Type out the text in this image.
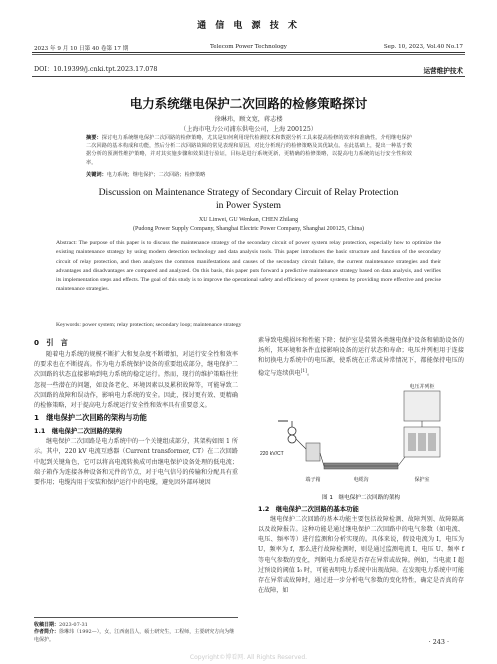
通 信 电 源 技 术
2023 年 9 月 10 日第 40 卷第 17 期	Telecom Power Technology	Sep. 10, 2023, Vol.40 No.17
DOI：10.19399/j.cnki.tpt.2023.17.078	运营维护技术
电力系统继电保护二次回路的检修策略探讨
徐琳玮，顾文宽，蒋志楼
（上海市电力公司浦东供电公司，上海 200125）
摘要：探讨电力系统继电保护二次回路的检修策略，尤其是如何利用现代检测技术和数据分析工具来提高检修的效率和准确性。介绍继电保护二次回路的基本构成和功能，然后分析二次回路故障的常见表现和原因，对比分析现行的检修策略及其优缺点。在此基础上，提出一种基于数据分析的预测性维护策略，并对其实施步骤和效果进行验证，目标是进行系统更新，更精确的检修策略，以提高电力系统的运行安全性和效率。
关键词：电力系统；继电保护；二次回路；检修策略
Discussion on Maintenance Strategy of Secondary Circuit of Relay Protection
in Power System
XU Linwei, GU Wenkan, CHEN Zhilang
(Pudong Power Supply Company, Shanghai Electric Power Company, Shanghai 200125, China)
Abstract: The purpose of this paper is to discuss the maintenance strategy of the secondary circuit of power system relay protection, especially how to optimize the existing maintenance strategy by using modern detection technology and data analysis tools. This paper introduces the basic structure and function of the secondary circuit of relay protection, and then analyzes the common manifestations and causes of the secondary circuit failure, the current maintenance strategies and their advantages and disadvantages are compared and analyzed. On this basis, this paper puts forward a predictive maintenance strategy based on data analysis, and verifies its implementation steps and effects. The goal of this study is to improve the operational safety and efficiency of power systems by providing more effective and precise maintenance strategies.
Keywords: power system; relay protection; secondary loop; maintenance strategy
0　引　言
随着电力系统的规模不断扩大和复杂度不断增加，对运行安全性和效率的要求也在不断提高。作为电力系统保护设备的重要组成部分，继电保护二次回路的状态直接影响到电力系统的稳定运行。然而，现行的维护策略往往忽视一些潜在的问题，如设备老化、环境因素以及累积故障等，可能导致二次回路的故障和误动作，影响电力系统的安全。因此，探讨更有效、更精确的检修策略，对于提高电力系统运行安全性和效率具有重要意义。
1　继电保护二次回路的架构与功能
1.1　继电保护二次回路的架构
继电保护二次回路是电力系统中的一个关键组成部分，其架构如图 1 所示。其中，220 kV 电流互感器（Current transformer, CT）在二次回路中起到关键角色，它可以将高电流转换成可由继电保护设备处理的低电流；端子箱作为连接各种设备和元件的节点，对于电气信号的传输和分配具有重要作用；电缆沟用于安装和保护运行中的电缆，避免因外部环境因
收稿日期：2023-07-31
作者简介：徐琳玮（1992—），女，江西南昌人，硕士研究生，工程师，主要研究方向为继电保护。
素导致电缆损坏和性能下降；保护室是装置各类继电保护设备和辅助设备的场所，其环境和条件直接影响设备的运行状态和寿命；电压并列柜用于连接和切换电力系统中的电压源，使系统在正常或异常情况下，都能保持电压的稳定与连续供电[1]。
电压并列柜
220 kV/CT
端子箱	电缆沟	保护室
图 1　继电保护二次回路的架构
1.2　继电保护二次回路的基本功能
继电保护二次回路的基本功能主要包括故障检测、故障判别、故障隔离以及故障报告。这种功能是通过继电保护二次回路中的电气参数（如电流、电压、频率等）进行监测和分析实现的。具体来说，假设电流为 I，电压为 U，频率为 f，那么进行故障检测时，则是通过监测电流 I、电压 U、频率 f 等电气参数的变化，判断电力系统是否存在异常或故障。例如，当电流 I 超过预设的阈值 I₀ 时，可能表明电力系统中出现故障。在发现电力系统中可能存在异常或故障时，通过进一步分析电气参数的变化特性，确定是否真的存在故障，如
· 243 ·
Copyright©博看网. All Rights Reserved.
